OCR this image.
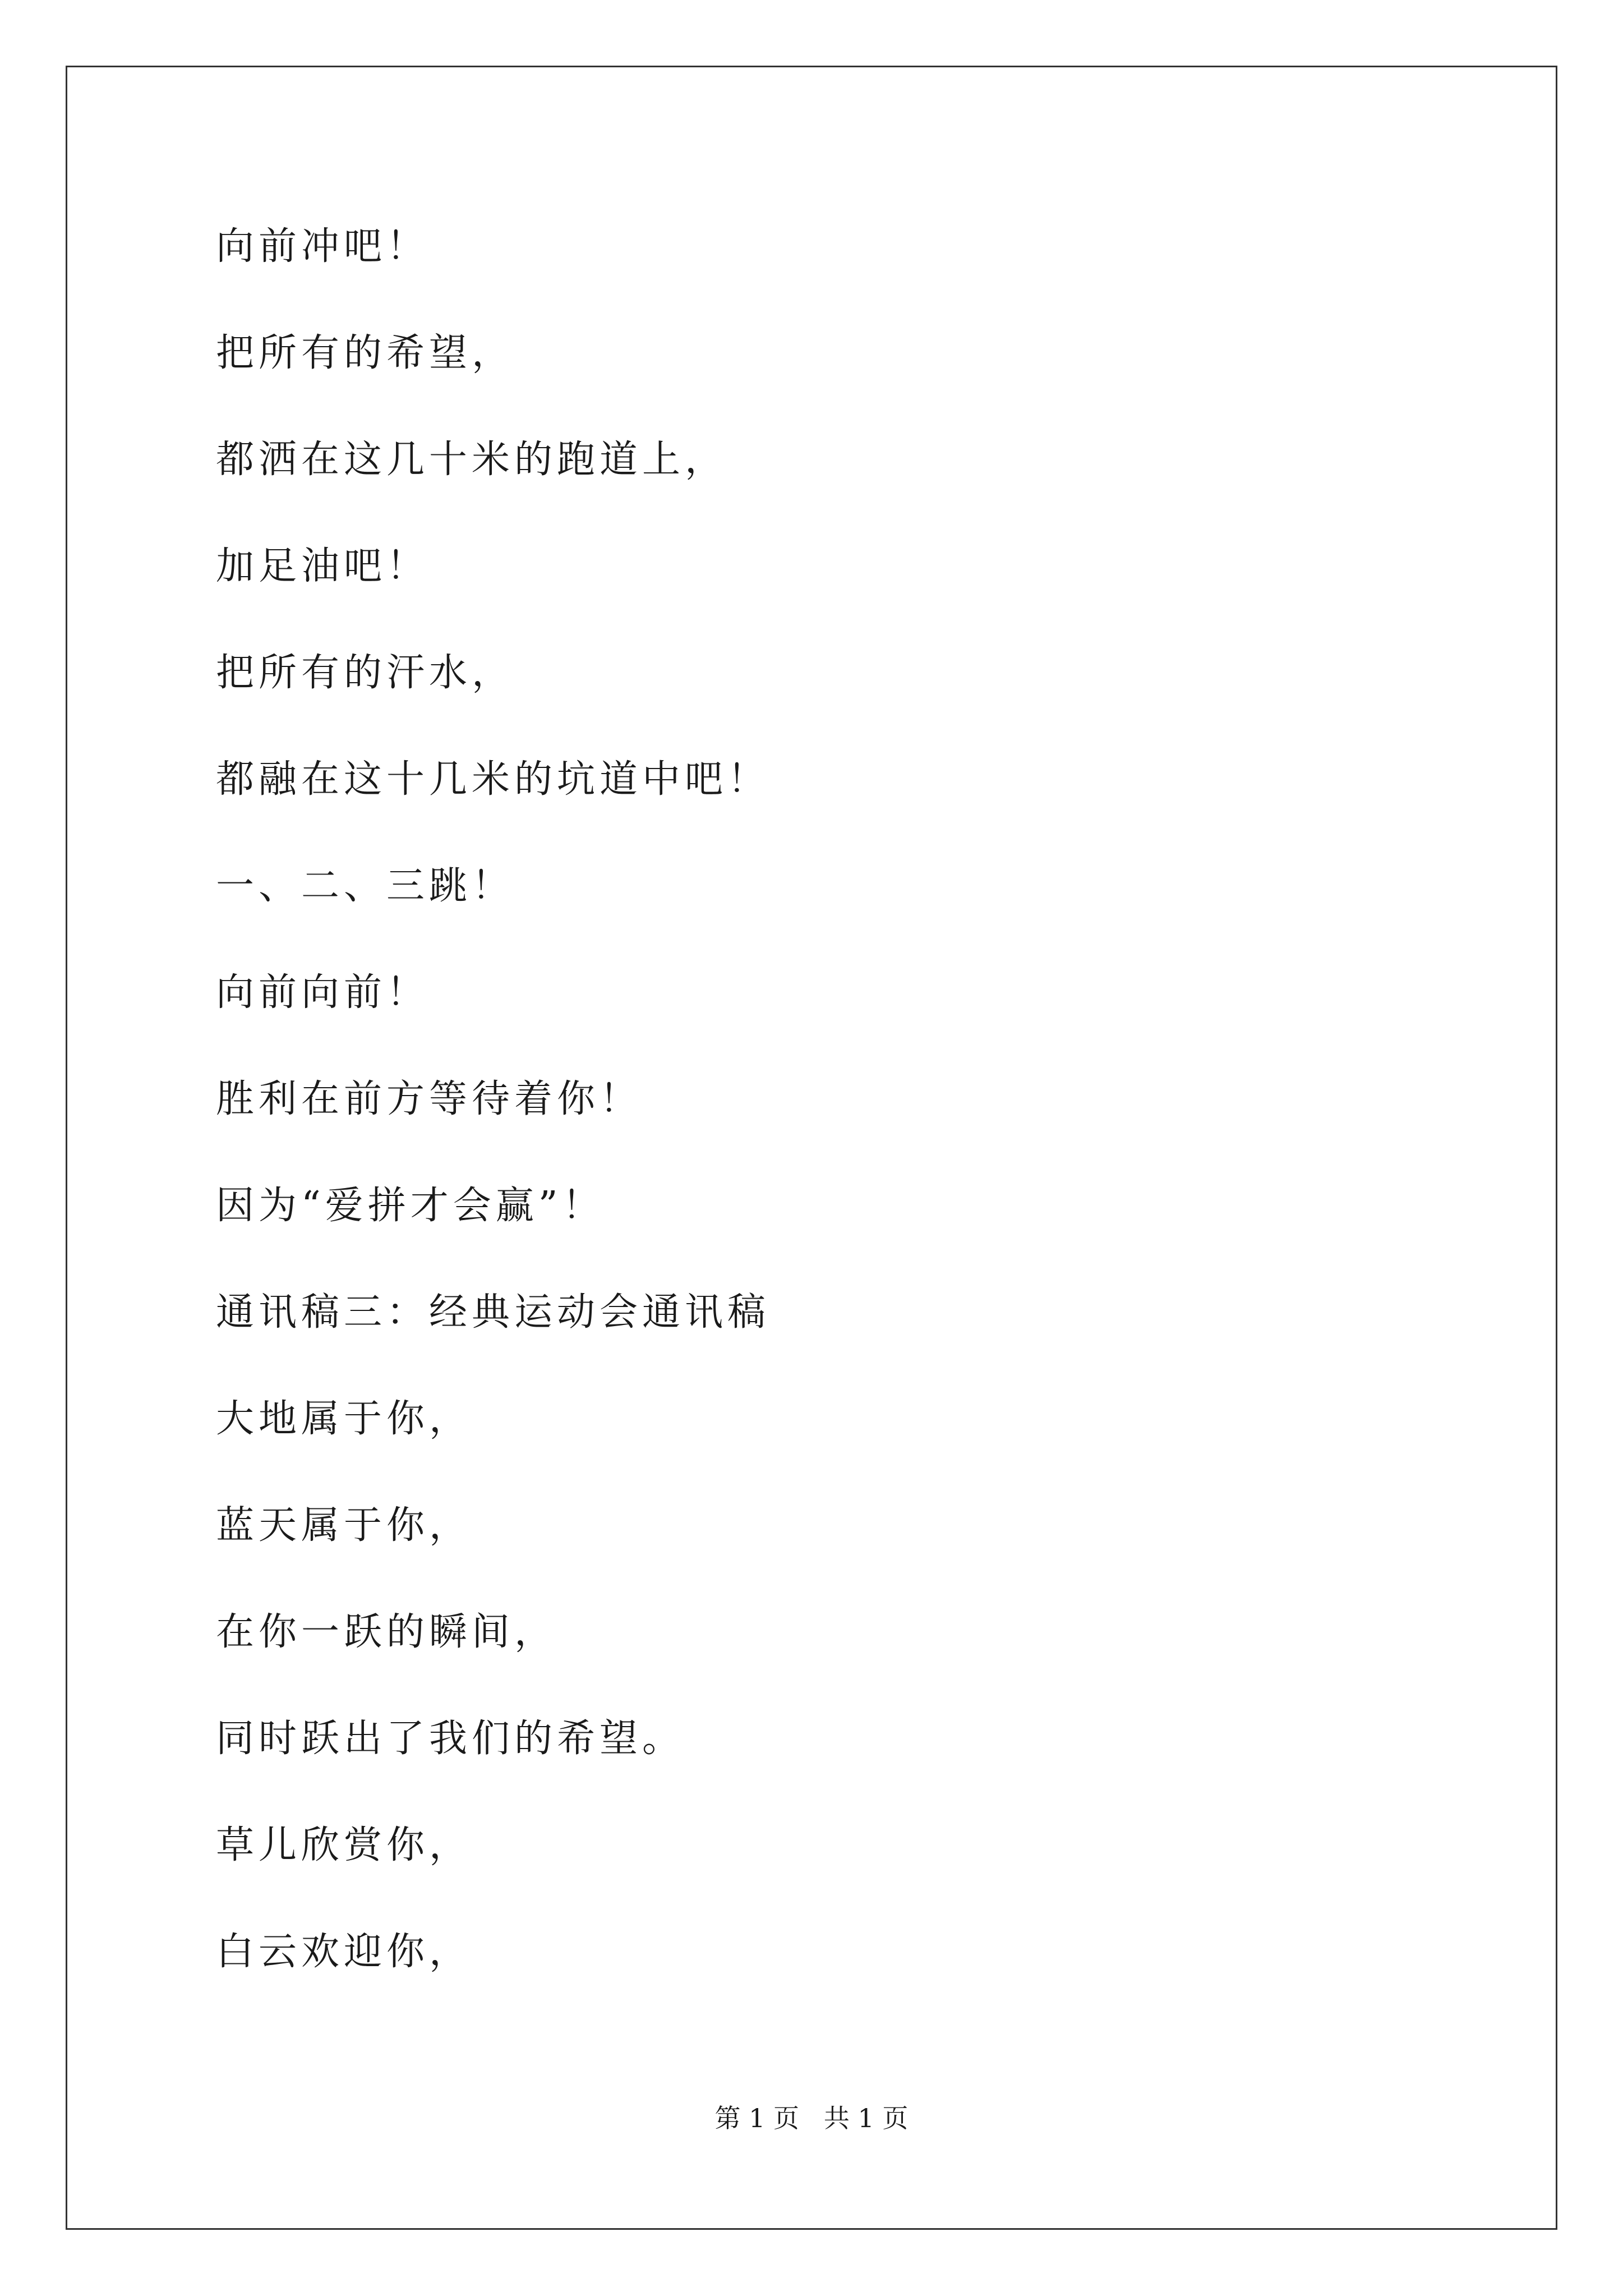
向前冲吧！
把所有的希望，
都洒在这几十米的跑道上，
加足油吧！
把所有的汗水，
都融在这十几米的坑道中吧！
一、二、三跳！
向前向前！
胜利在前方等待着你！
因为“爱拼才会赢”！
通讯稿三：经典运动会通讯稿
大地属于你，
蓝天属于你，
在你一跃的瞬间，
同时跃出了我们的希望。
草儿欣赏你，
白云欢迎你，
第 1 页   共 1 页
